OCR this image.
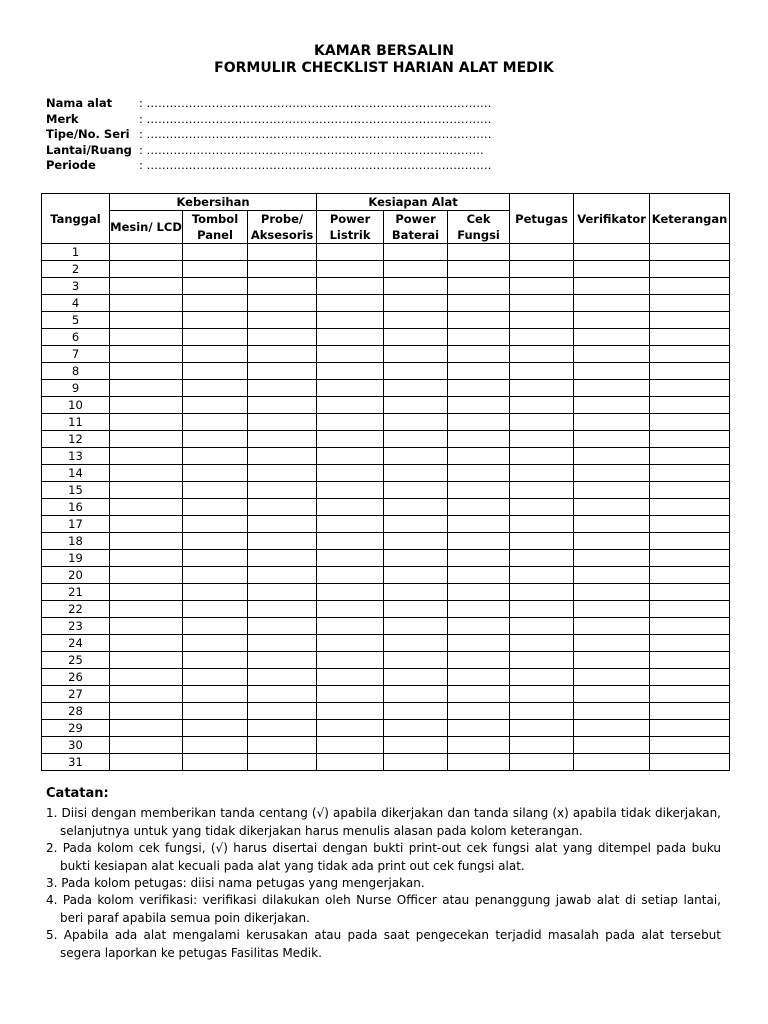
KAMAR BERSALIN
FORMULIR CHECKLIST HARIAN ALAT MEDIK
Nama alat	: ………………………………………………………………………………
Merk	: ………………………………………………………………………………
Tipe/No. Seri : ………………………………………………………………………………
Lantai/Ruang : …………………………………………………………………………….
Periode	: ………………………………………………………………………………
Tanggal	Kebersihan			Kesiapan Alat			Petugas	Verifikator	Keterangan
	Mesin/ LCD	Tombol Panel	Probe/ Aksesoris	Power Listrik	Power Baterai	Cek Fungsi			
1									
2									
3									
4									
5									
6									
7									
8									
9									
10									
11									
12									
13									
14									
15									
16									
17									
18									
19									
20									
21									
22									
23									
24									
25									
26									
27									
28									
29									
30									
31									
Catatan:
1. Diisi dengan memberikan tanda centang (√) apabila dikerjakan dan tanda silang (x) apabila tidak dikerjakan, selanjutnya untuk yang tidak dikerjakan harus menulis alasan pada kolom keterangan.
2. Pada kolom cek fungsi, (√) harus disertai dengan bukti print-out cek fungsi alat yang ditempel pada buku bukti kesiapan alat kecuali pada alat yang tidak ada print out cek fungsi alat.
3. Pada kolom petugas: diisi nama petugas yang mengerjakan.
4. Pada kolom verifikasi: verifikasi dilakukan oleh Nurse Officer atau penanggung jawab alat di setiap lantai, beri paraf apabila semua poin dikerjakan.
5. Apabila ada alat mengalami kerusakan atau pada saat pengecekan terjadid masalah pada alat tersebut segera laporkan ke petugas Fasilitas Medik.
